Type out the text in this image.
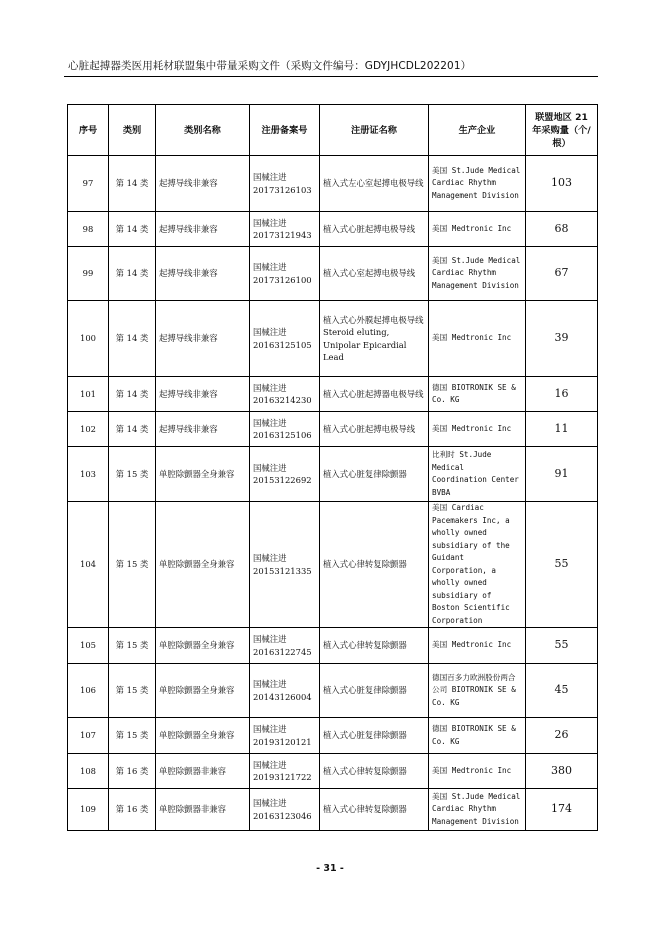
心脏起搏器类医用耗材联盟集中带量采购文件（采购文件编号：GDYJHCDL202201）
序号	类别	类别名称	注册备案号	注册证名称	生产企业	联盟地区 21 年采购量（个/根）
97	第 14 类	起搏导线非兼容	国械注进 20173126103	植入式左心室起搏电极导线	美国 St.Jude Medical Cardiac Rhythm Management Division	103
98	第 14 类	起搏导线非兼容	国械注进 20173121943	植入式心脏起搏电极导线	美国 Medtronic Inc	68
99	第 14 类	起搏导线非兼容	国械注进 20173126100	植入式心室起搏电极导线	美国 St.Jude Medical Cardiac Rhythm Management Division	67
100	第 14 类	起搏导线非兼容	国械注进 20163125105	植入式心外膜起搏电极导线 Steroid eluting, Unipolar Epicardial Lead	美国 Medtronic Inc	39
101	第 14 类	起搏导线非兼容	国械注进 20163214230	植入式心脏起搏器电极导线	德国 BIOTRONIK SE & Co. KG	16
102	第 14 类	起搏导线非兼容	国械注进 20163125106	植入式心脏起搏电极导线	美国 Medtronic Inc	11
103	第 15 类	单腔除颤器全身兼容	国械注进 20153122692	植入式心脏复律除颤器	比利时 St.Jude Medical Coordination Center BVBA	91
104	第 15 类	单腔除颤器全身兼容	国械注进 20153121335	植入式心律转复除颤器	美国 Cardiac Pacemakers Inc, a wholly owned subsidiary of the Guidant Corporation, a wholly owned subsidiary of Boston Scientific Corporation	55
105	第 15 类	单腔除颤器全身兼容	国械注进 20163122745	植入式心律转复除颤器	美国 Medtronic Inc	55
106	第 15 类	单腔除颤器全身兼容	国械注进 20143126004	植入式心脏复律除颤器	德国百多力欧洲股份两合公司 BIOTRONIK SE & Co. KG	45
107	第 15 类	单腔除颤器全身兼容	国械注进 20193120121	植入式心脏复律除颤器	德国 BIOTRONIK SE & Co. KG	26
108	第 16 类	单腔除颤器非兼容	国械注进 20193121722	植入式心律转复除颤器	美国 Medtronic Inc	380
109	第 16 类	单腔除颤器非兼容	国械注进 20163123046	植入式心律转复除颤器	美国 St.Jude Medical Cardiac Rhythm Management Division	174
- 31 -
